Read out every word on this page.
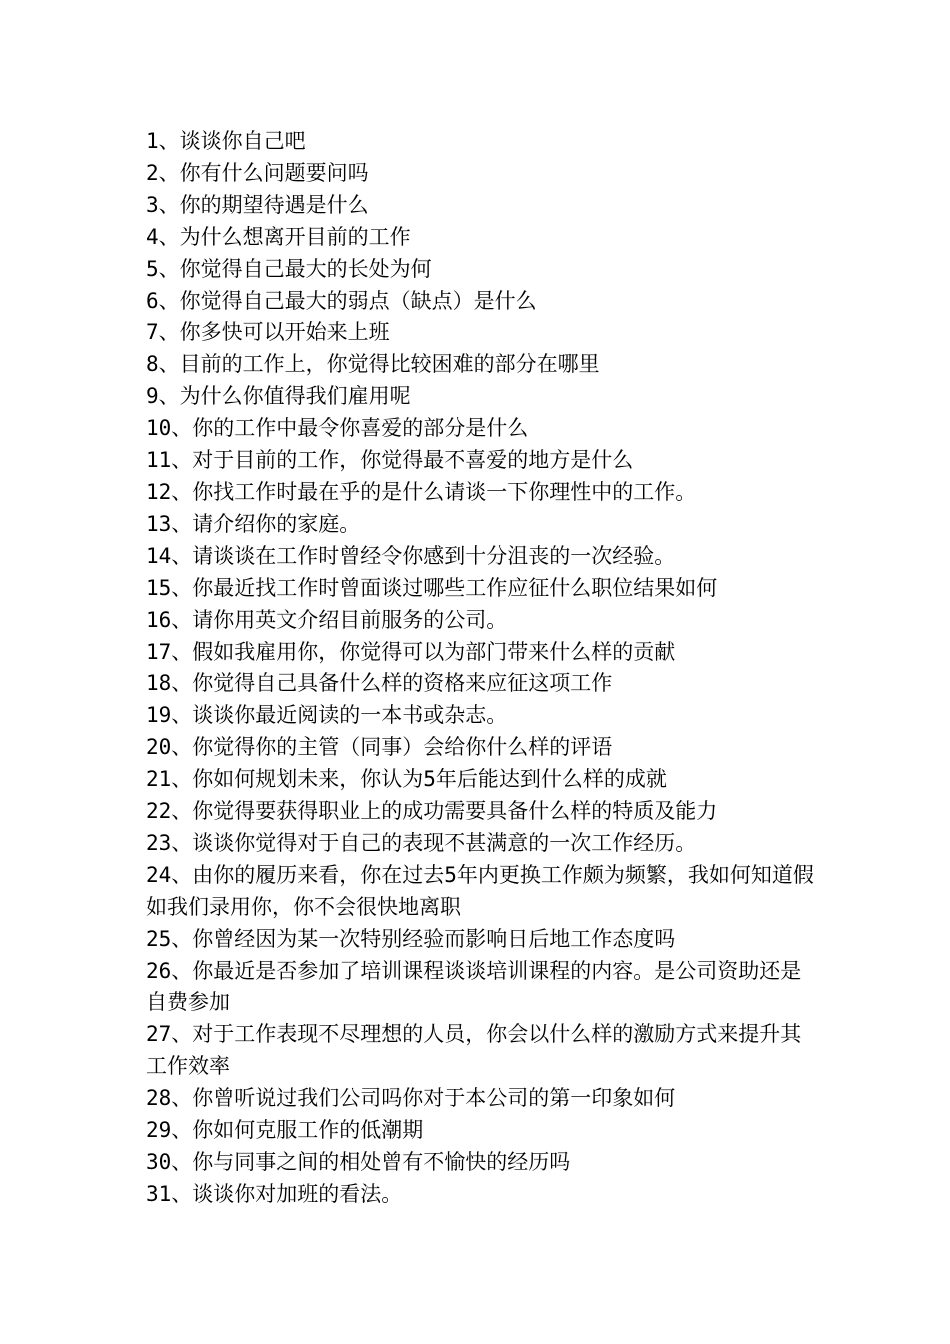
1、谈谈你自己吧
2、你有什么问题要问吗
3、你的期望待遇是什么
4、为什么想离开目前的工作
5、你觉得自己最大的长处为何
6、你觉得自己最大的弱点（缺点）是什么
7、你多快可以开始来上班
8、目前的工作上，你觉得比较困难的部分在哪里
9、为什么你值得我们雇用呢
10、你的工作中最令你喜爱的部分是什么
11、对于目前的工作，你觉得最不喜爱的地方是什么
12、你找工作时最在乎的是什么请谈一下你理性中的工作。
13、请介绍你的家庭。
14、请谈谈在工作时曾经令你感到十分沮丧的一次经验。
15、你最近找工作时曾面谈过哪些工作应征什么职位结果如何
16、请你用英文介绍目前服务的公司。
17、假如我雇用你，你觉得可以为部门带来什么样的贡献
18、你觉得自己具备什么样的资格来应征这项工作
19、谈谈你最近阅读的一本书或杂志。
20、你觉得你的主管（同事）会给你什么样的评语
21、你如何规划未来，你认为5年后能达到什么样的成就
22、你觉得要获得职业上的成功需要具备什么样的特质及能力
23、谈谈你觉得对于自己的表现不甚满意的一次工作经历。
24、由你的履历来看，你在过去5年内更换工作颇为频繁，我如何知道假如我们录用你，你不会很快地离职
25、你曾经因为某一次特别经验而影响日后地工作态度吗
26、你最近是否参加了培训课程谈谈培训课程的内容。是公司资助还是自费参加
27、对于工作表现不尽理想的人员，你会以什么样的激励方式来提升其工作效率
28、你曾听说过我们公司吗你对于本公司的第一印象如何
29、你如何克服工作的低潮期
30、你与同事之间的相处曾有不愉快的经历吗
31、谈谈你对加班的看法。
